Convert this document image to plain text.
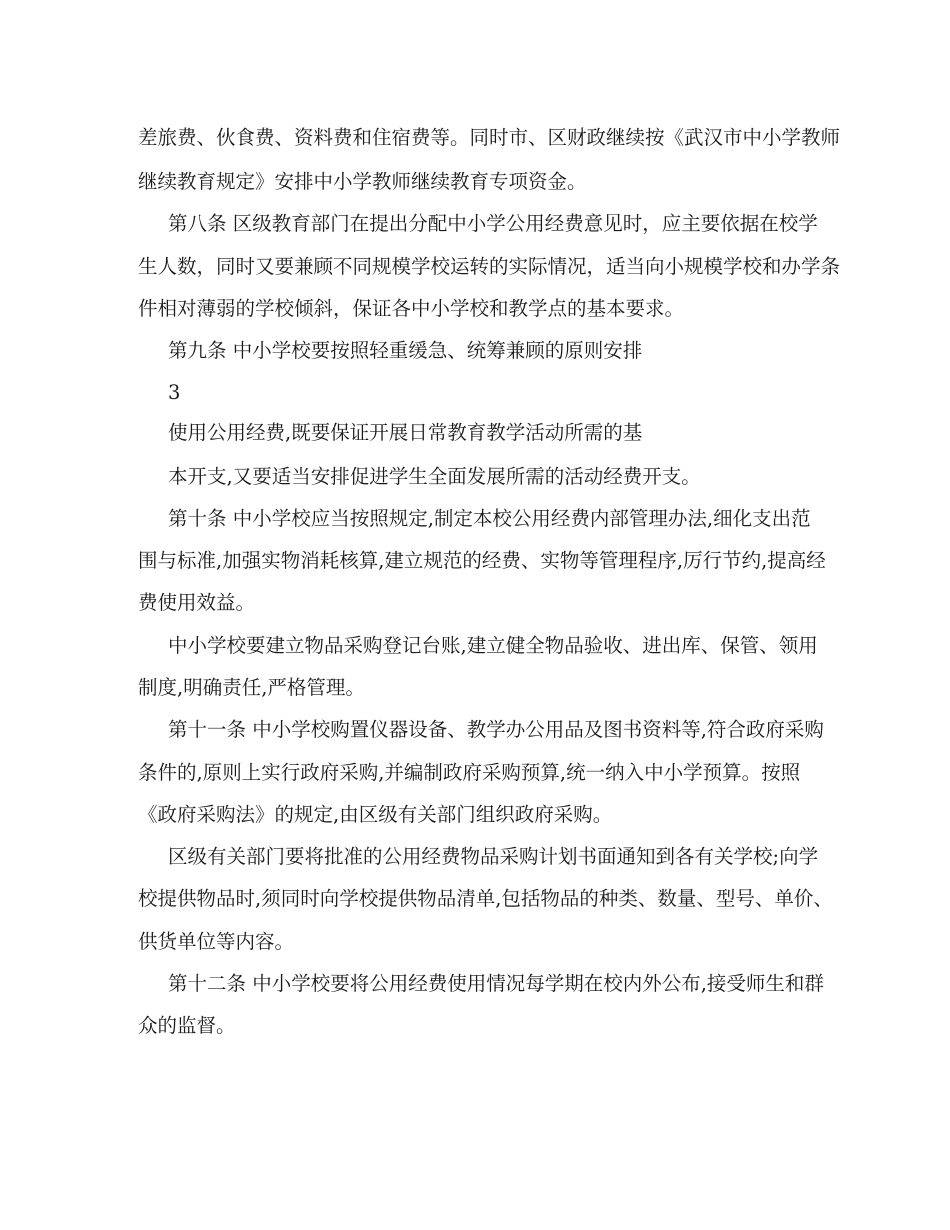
差旅费、伙食费、资料费和住宿费等。同时市、区财政继续按《武汉市中小学教师
继续教育规定》安排中小学教师继续教育专项资金。
第八条 区级教育部门在提出分配中小学公用经费意见时，应主要依据在校学
生人数，同时又要兼顾不同规模学校运转的实际情况，适当向小规模学校和办学条
件相对薄弱的学校倾斜，保证各中小学校和教学点的基本要求。
第九条 中小学校要按照轻重缓急、统筹兼顾的原则安排
3
使用公用经费,既要保证开展日常教育教学活动所需的基
本开支,又要适当安排促进学生全面发展所需的活动经费开支。
第十条 中小学校应当按照规定,制定本校公用经费内部管理办法,细化支出范
围与标准,加强实物消耗核算,建立规范的经费、实物等管理程序,厉行节约,提高经
费使用效益。
中小学校要建立物品采购登记台账,建立健全物品验收、进出库、保管、领用
制度,明确责任,严格管理。
第十一条 中小学校购置仪器设备、教学办公用品及图书资料等,符合政府采购
条件的,原则上实行政府采购,并编制政府采购预算,统一纳入中小学预算。按照
《政府采购法》的规定,由区级有关部门组织政府采购。
区级有关部门要将批准的公用经费物品采购计划书面通知到各有关学校;向学
校提供物品时,须同时向学校提供物品清单,包括物品的种类、数量、型号、单价、
供货单位等内容。
第十二条 中小学校要将公用经费使用情况每学期在校内外公布,接受师生和群
众的监督。
